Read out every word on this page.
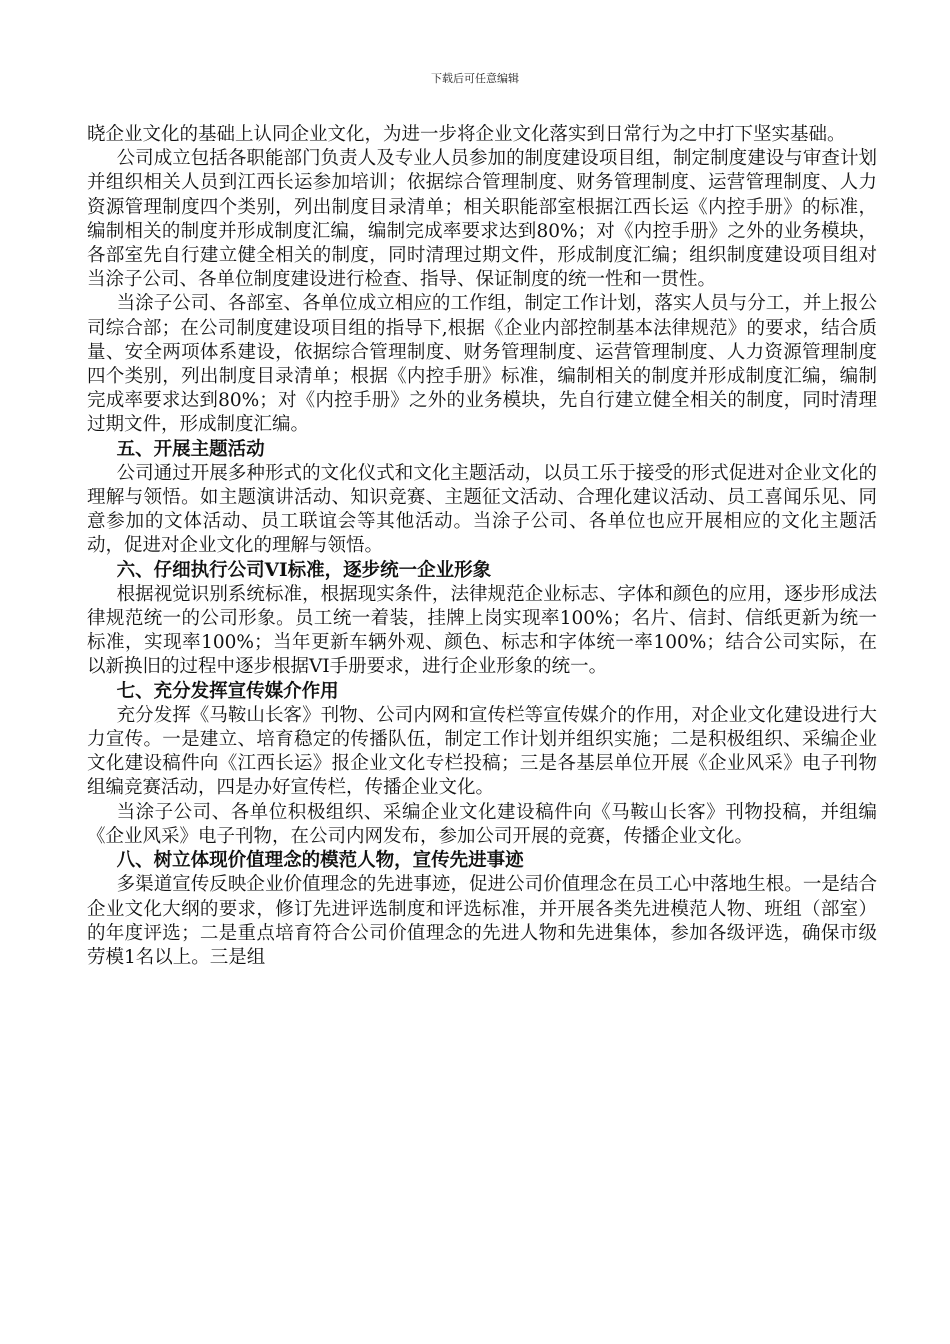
下载后可任意编辑

晓企业文化的基础上认同企业文化，为进一步将企业文化落实到日常行为之中打下坚实基础。

公司成立包括各职能部门负责人及专业人员参加的制度建设项目组，制定制度建设与审查计划并组织相关人员到江西长运参加培训；依据综合管理制度、财务管理制度、运营管理制度、人力资源管理制度四个类别，列出制度目录清单；相关职能部室根据江西长运《内控手册》的标准，编制相关的制度并形成制度汇编，编制完成率要求达到80%；对《内控手册》之外的业务模块，各部室先自行建立健全相关的制度，同时清理过期文件，形成制度汇编；组织制度建设项目组对当涂子公司、各单位制度建设进行检查、指导、保证制度的统一性和一贯性。

当涂子公司、各部室、各单位成立相应的工作组，制定工作计划，落实人员与分工，并上报公司综合部；在公司制度建设项目组的指导下,根据《企业内部控制基本法律规范》的要求，结合质量、安全两项体系建设，依据综合管理制度、财务管理制度、运营管理制度、人力资源管理制度四个类别，列出制度目录清单；根据《内控手册》标准，编制相关的制度并形成制度汇编，编制完成率要求达到80%；对《内控手册》之外的业务模块，先自行建立健全相关的制度，同时清理过期文件，形成制度汇编。

五、开展主题活动

公司通过开展多种形式的文化仪式和文化主题活动，以员工乐于接受的形式促进对企业文化的理解与领悟。如主题演讲活动、知识竞赛、主题征文活动、合理化建议活动、员工喜闻乐见、同意参加的文体活动、员工联谊会等其他活动。当涂子公司、各单位也应开展相应的文化主题活动，促进对企业文化的理解与领悟。

六、仔细执行公司VI标准，逐步统一企业形象

根据视觉识别系统标准，根据现实条件，法律规范企业标志、字体和颜色的应用，逐步形成法律规范统一的公司形象。员工统一着装，挂牌上岗实现率100%；名片、信封、信纸更新为统一标准，实现率100%；当年更新车辆外观、颜色、标志和字体统一率100%；结合公司实际，在以新换旧的过程中逐步根据VI手册要求，进行企业形象的统一。

七、充分发挥宣传媒介作用

充分发挥《马鞍山长客》刊物、公司内网和宣传栏等宣传媒介的作用，对企业文化建设进行大力宣传。一是建立、培育稳定的传播队伍，制定工作计划并组织实施；二是积极组织、采编企业文化建设稿件向《江西长运》报企业文化专栏投稿；三是各基层单位开展《企业风采》电子刊物组编竞赛活动，四是办好宣传栏，传播企业文化。

当涂子公司、各单位积极组织、采编企业文化建设稿件向《马鞍山长客》刊物投稿，并组编《企业风采》电子刊物，在公司内网发布，参加公司开展的竞赛，传播企业文化。

八、树立体现价值理念的模范人物，宣传先进事迹

多渠道宣传反映企业价值理念的先进事迹，促进公司价值理念在员工心中落地生根。一是结合企业文化大纲的要求，修订先进评选制度和评选标准，并开展各类先进模范人物、班组（部室）的年度评选；二是重点培育符合公司价值理念的先进人物和先进集体，参加各级评选，确保市级劳模1名以上。三是组
